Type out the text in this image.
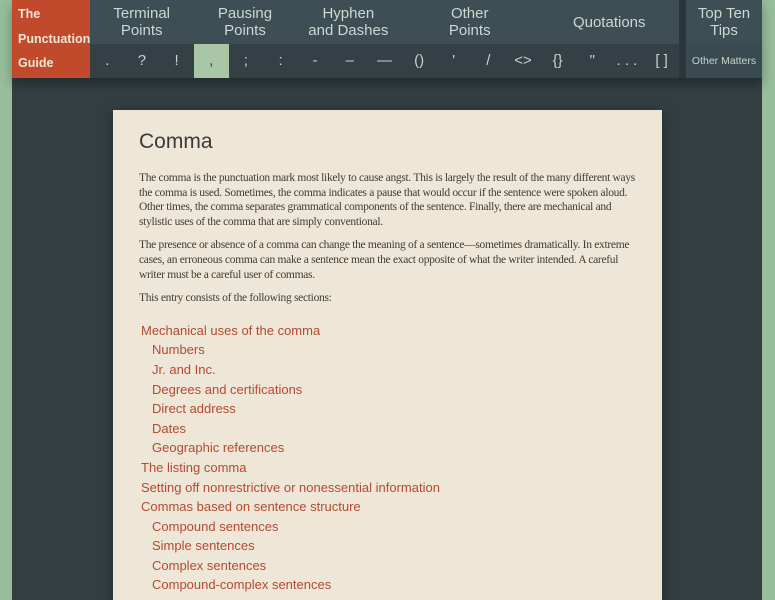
The
Punctuation
Guide
Terminal
Points
Pausing
Points
Hyphen
and Dashes
Other
Points	Quotations
.	?	!	,	;	:	-	–	—	()	'	/	<>	{}	"	. . .	[ ]
Top Ten
Tips
Other Matters
Comma

The comma is the punctuation mark most likely to cause angst. This is largely the result of the many different ways the comma is used. Sometimes, the comma indicates a pause that would occur if the sentence were spoken aloud. Other times, the comma separates grammatical components of the sentence. Finally, there are mechanical and stylistic uses of the comma that are simply conventional.

The presence or absence of a comma can change the meaning of a sentence—sometimes dramatically. In extreme cases, an erroneous comma can make a sentence mean the exact opposite of what the writer intended. A careful writer must be a careful user of commas.

This entry consists of the following sections:

Mechanical uses of the comma
Numbers
Jr. and Inc.
Degrees and certifications
Direct address
Dates
Geographic references
The listing comma
Setting off nonrestrictive or nonessential information
Commas based on sentence structure
Compound sentences
Simple sentences
Complex sentences
Compound-complex sentences
